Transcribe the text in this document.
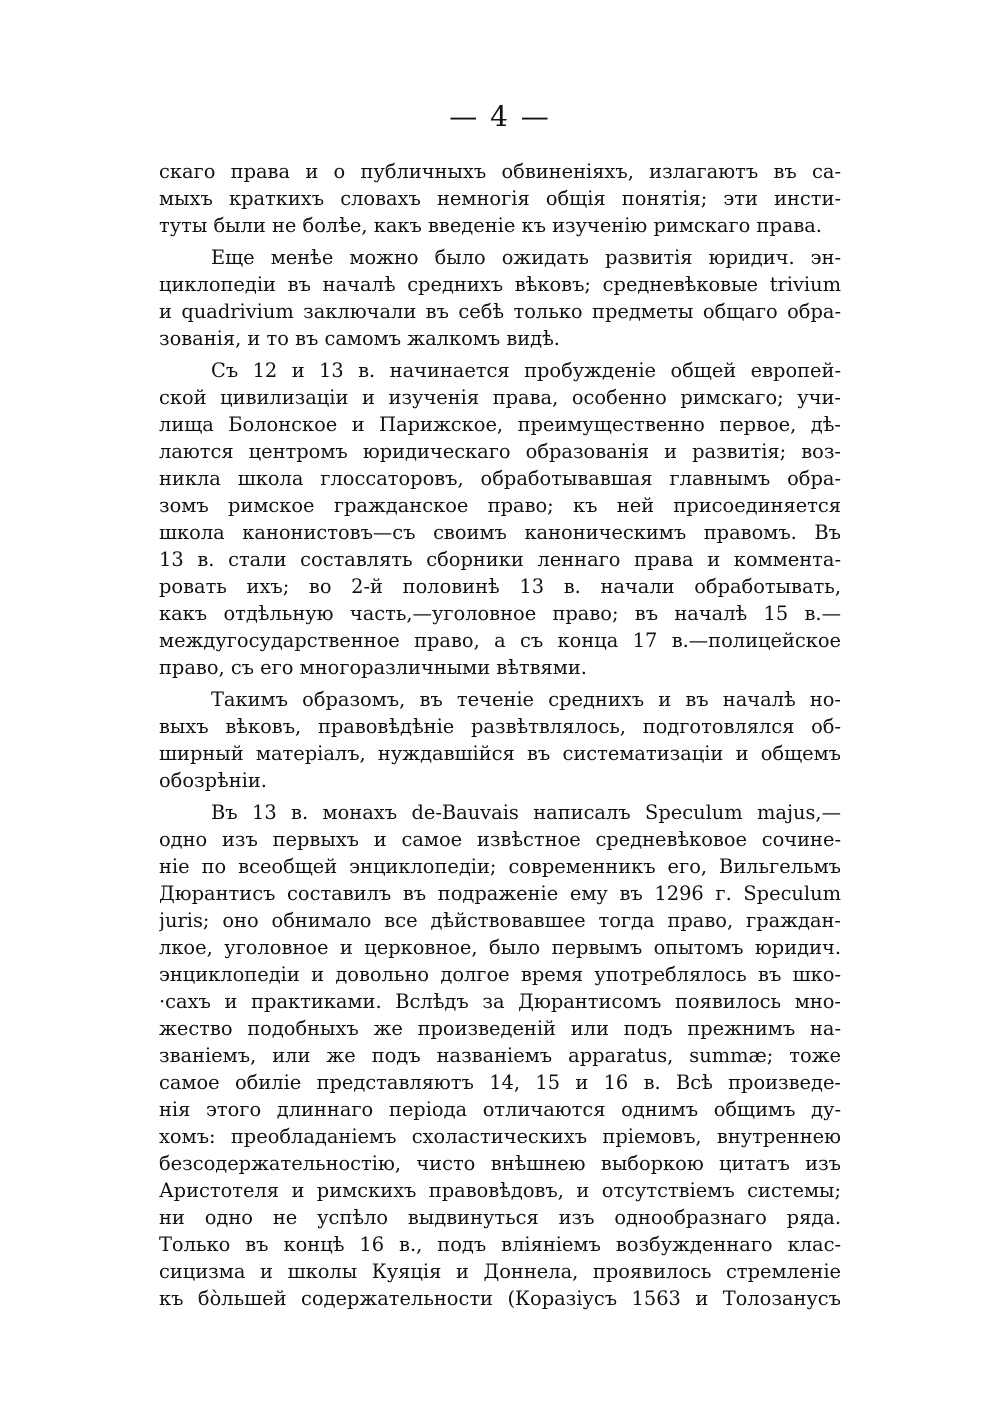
— 4 —
скаго права и о публичныхъ обвиненіяхъ, излагаютъ въ са-
мыхъ краткихъ словахъ немногія общія понятія; эти инсти-
туты были не болѣе, какъ введеніе къ изученію римскаго права.
Еще менѣе можно было ожидать развитія юридич. эн-
циклопедіи въ началѣ среднихъ вѣковъ; средневѣковые trivium
и quadrivium заключали въ себѣ только предметы общаго обра-
зованія, и то въ самомъ жалкомъ видѣ.
Съ 12 и 13 в. начинается пробужденіе общей европей-
ской цивилизаціи и изученія права, особенно римскаго; учи-
лища Болонское и Парижское, преимущественно первое, дѣ-
лаются центромъ юридическаго образованія и развитія; воз-
никла школа глоссаторовъ, обработывавшая главнымъ обра-
зомъ римское гражданское право; къ ней присоединяется
школа канонистовъ—съ своимъ каноническимъ правомъ. Въ
13 в. стали составлять сборники леннаго права и коммента-
ровать ихъ; во 2-й половинѣ 13 в. начали обработывать,
какъ отдѣльную часть,—уголовное право; въ началѣ 15 в.—
междугосударственное право, а съ конца 17 в.—полицейское
право, съ его многоразличными вѣтвями.
Такимъ образомъ, въ теченіе среднихъ и въ началѣ но-
выхъ вѣковъ, правовѣдѣніе развѣтвлялось, подготовлялся об-
ширный матеріалъ, нуждавшійся въ систематизаціи и общемъ
обозрѣніи.
Въ 13 в. монахъ de-Bauvais написалъ Speculum majus,—
одно изъ первыхъ и самое извѣстное средневѣковое сочине-
ніе по всеобщей энциклопедіи; современникъ его, Вильгельмъ
Дюрантисъ составилъ въ подраженіе ему въ 1296 г. Speculum
juris; оно обнимало все дѣйствовавшее тогда право, граждан-
лкое, уголовное и церковное, было первымъ опытомъ юридич.
энциклопедіи и довольно долгое время употреблялось въ шко-
·сахъ и практиками. Вслѣдъ за Дюрантисомъ появилось мно-
жество подобныхъ же произведеній или подъ прежнимъ на-
званіемъ, или же подъ названіемъ apparatus, summæ; тоже
самое обиліе представляютъ 14, 15 и 16 в. Всѣ произведе-
нія этого длиннаго періода отличаются однимъ общимъ ду-
хомъ: преобладаніемъ схоластическихъ пріемовъ, внутреннею
безсодержательностію, чисто внѣшнею выборкою цитатъ изъ
Аристотеля и римскихъ правовѣдовъ, и отсутствіемъ системы;
ни одно не успѣло выдвинуться изъ однообразнаго ряда.
Только въ концѣ 16 в., подъ вліяніемъ возбужденнаго клас-
сицизма и школы Куяція и Доннела, проявилось стремленіе
къ бо̀льшей содержательности (Коразіусъ 1563 и Толозанусъ
